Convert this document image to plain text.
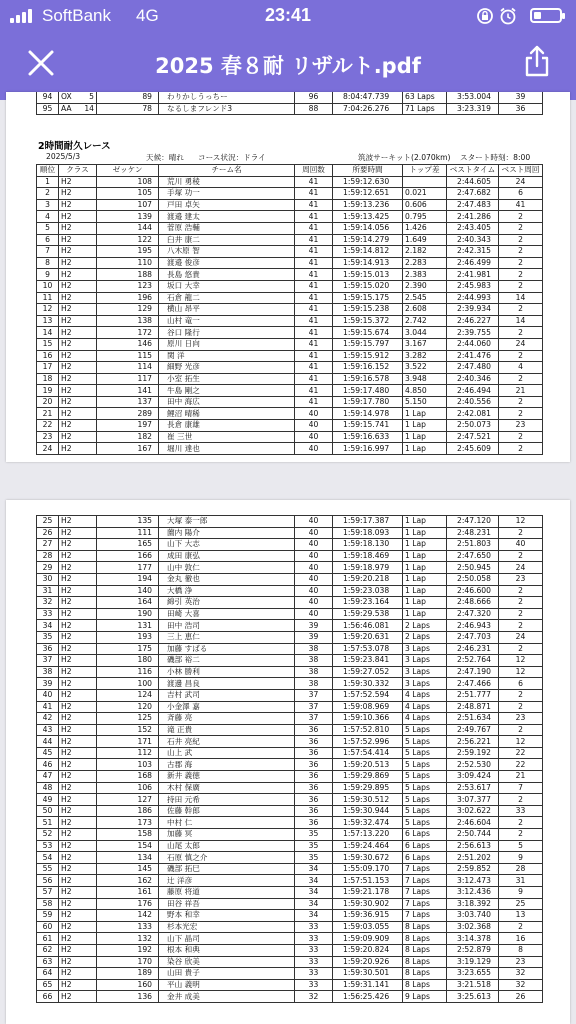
SoftBank 4G	23:41
2025 春８耐 リザルト.pdf
94	OX 5	89	わりかしうっちー	96	8:04:47.739	63 Laps	3:53.004	39
95	AA 14	78	なるしまフレンド3	88	7:04:26.276	71 Laps	3:23.319	36
2時間耐久レース
2025/5/3	天候：晴れ コース状況：ドライ	筑波サーキット(2.070km) スタート時刻：8:00
順位	クラス	ゼッケン	チーム名	周回数	所要時間	トップ差	ベストタイム	ベスト周回
1	H2	108	荒川 勇稜	41	1:59:12.630		2:44.605	24
2	H2	105	手塚 功一	41	1:59:12.651	0.021	2:47.682	6
3	H2	107	戸田 卓矢	41	1:59:13.236	0.606	2:47.483	41
4	H2	139	渡邉 建太	41	1:59:13.425	0.795	2:41.286	2
5	H2	144	菅原 浩輔	41	1:59:14.056	1.426	2:43.405	2
6	H2	122	臼井 康二	41	1:59:14.279	1.649	2:40.343	2
7	H2	195	八木原 智	41	1:59:14.812	2.182	2:42.315	2
8	H2	110	渡邉 俊彦	41	1:59:14.913	2.283	2:46.499	2
9	H2	188	長島 悠貴	41	1:59:15.013	2.383	2:41.981	2
10	H2	123	坂口 大幸	41	1:59:15.020	2.390	2:45.983	2
11	H2	196	石倉 龍二	41	1:59:15.175	2.545	2:44.993	14
12	H2	129	横山 昂平	41	1:59:15.238	2.608	2:39.934	2
13	H2	138	山村 竜一	41	1:59:15.372	2.742	2:46.227	14
14	H2	172	谷口 隆行	41	1:59:15.674	3.044	2:39.755	2
15	H2	146	原川 日向	41	1:59:15.797	3.167	2:44.060	24
16	H2	115	関 洋	41	1:59:15.912	3.282	2:41.476	2
17	H2	114	細野 光彦	41	1:59:16.152	3.522	2:47.480	4
18	H2	117	小室 拓生	41	1:59:16.578	3.948	2:40.346	2
19	H2	141	牛島 剛之	41	1:59:17.480	4.850	2:46.494	21
20	H2	137	田中 海広	41	1:59:17.780	5.150	2:40.556	2
21	H2	289	鯉沼 晴稀	40	1:59:14.978	1 Lap	2:42.081	2
22	H2	197	長倉 康雄	40	1:59:15.741	1 Lap	2:50.073	23
23	H2	182	崔 三世	40	1:59:16.633	1 Lap	2:47.521	2
24	H2	167	堀川 達也	40	1:59:16.997	1 Lap	2:45.609	2
25	H2	135	大塚 泰一郎	40	1:59:17.387	1 Lap	2:47.120	12
26	H2	111	薗内 陽介	40	1:59:18.093	1 Lap	2:48.231	2
27	H2	165	山下 大志	40	1:59:18.130	1 Lap	2:51.803	40
28	H2	166	成田 康弘	40	1:59:18.469	1 Lap	2:47.650	2
29	H2	177	山中 敦仁	40	1:59:18.979	1 Lap	2:50.945	24
30	H2	194	金丸 徹也	40	1:59:20.218	1 Lap	2:50.058	23
31	H2	140	大橋 浄	40	1:59:23.038	1 Lap	2:46.600	2
32	H2	164	綿引 英治	40	1:59:23.164	1 Lap	2:48.666	2
33	H2	190	田崎 大喜	40	1:59:29.538	1 Lap	2:47.320	2
34	H2	131	田中 浩司	39	1:56:46.081	2 Laps	2:46.943	2
35	H2	193	三上 恵仁	39	1:59:20.631	2 Laps	2:47.703	24
36	H2	175	加藤 すばる	38	1:57:53.078	3 Laps	2:46.231	2
37	H2	180	磯部 裕二	38	1:59:23.841	3 Laps	2:52.764	12
38	H2	116	小林 勝利	38	1:59:27.052	3 Laps	2:47.190	12
39	H2	100	渡邊 昌良	38	1:59:30.332	3 Laps	2:47.466	6
40	H2	124	吉村 武司	37	1:57:52.594	4 Laps	2:51.777	2
41	H2	120	小金澤 嘉	37	1:59:08.969	4 Laps	2:48.871	2
42	H2	125	斉藤 亮	37	1:59:10.366	4 Laps	2:51.634	23
43	H2	152	滝 正貴	36	1:57:52.810	5 Laps	2:49.767	2
44	H2	171	石井 亮紀	36	1:57:52.996	5 Laps	2:56.221	12
45	H2	112	山上 武	36	1:57:54.414	5 Laps	2:59.192	22
46	H2	103	古郡 海	36	1:59:20.513	5 Laps	2:52.530	22
47	H2	168	新井 義徳	36	1:59:29.869	5 Laps	3:09.424	21
48	H2	106	木村 保廣	36	1:59:29.895	5 Laps	2:53.617	7
49	H2	127	持田 元希	36	1:59:30.512	5 Laps	3:07.377	2
50	H2	186	佐藤 幹郎	36	1:59:30.944	5 Laps	3:02.622	33
51	H2	173	中村 仁	36	1:59:32.474	5 Laps	2:46.604	2
52	H2	158	加藤 冥	35	1:57:13.220	6 Laps	2:50.744	2
53	H2	154	山尾 太郎	35	1:59:24.464	6 Laps	2:56.613	5
54	H2	134	石原 慎之介	35	1:59:30.672	6 Laps	2:51.202	9
55	H2	145	磯部 拓巳	34	1:55:09.170	7 Laps	2:59.852	28
56	H2	162	辻 洋彦	34	1:57:51.153	7 Laps	3:12.473	31
57	H2	161	藤原 将道	34	1:59:21.178	7 Laps	3:12.436	9
58	H2	176	田谷 祥吾	34	1:59:30.902	7 Laps	3:18.392	25
59	H2	142	野本 和幸	34	1:59:36.915	7 Laps	3:03.740	13
60	H2	133	杉本光宏	33	1:59:03.055	8 Laps	3:02.368	2
61	H2	132	山下 晶司	33	1:59:09.909	8 Laps	3:14.378	16
62	H2	192	根本 和典	33	1:59:20.824	8 Laps	2:52.879	8
63	H2	170	染谷 欣美	33	1:59:20.926	8 Laps	3:19.129	23
64	H2	189	山田 貴子	33	1:59:30.501	8 Laps	3:23.655	32
65	H2	160	平山 義明	33	1:59:31.141	8 Laps	3:21.518	32
66	H2	136	金井 成美	32	1:56:25.426	9 Laps	3:25.613	26
